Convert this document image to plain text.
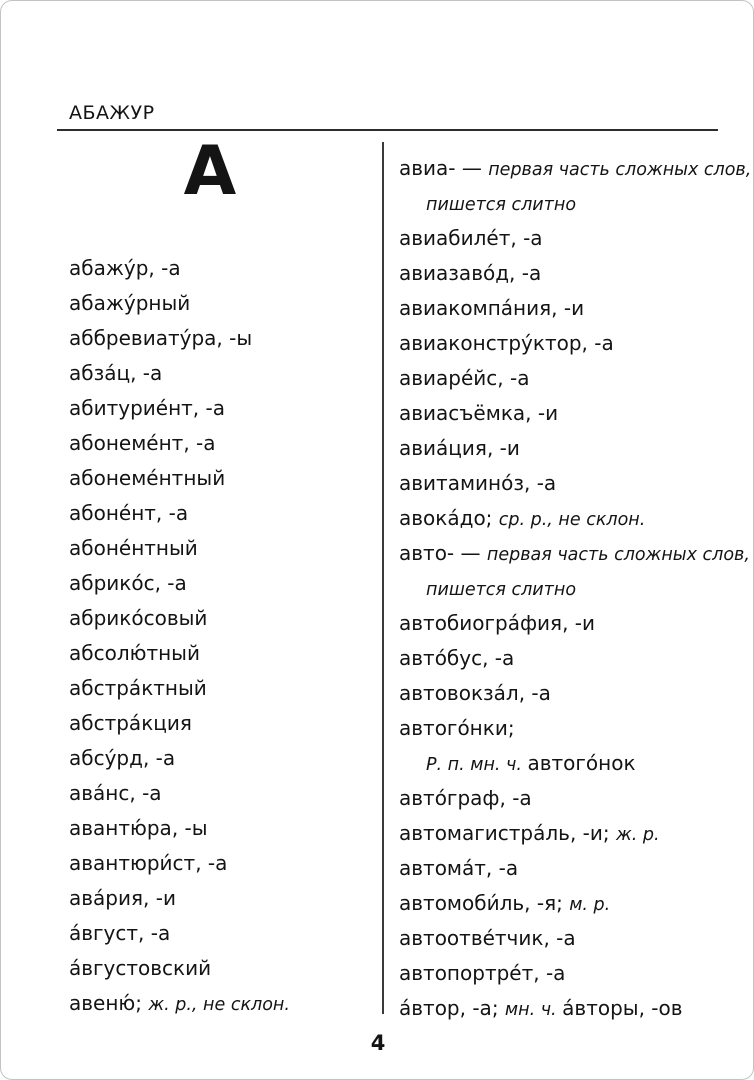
АБАЖУР
А
абажу́р, -а
абажу́рный
аббревиату́ра, -ы
абза́ц, -а
абитурие́нт, -а
абонеме́нт, -а
абонеме́нтный
абоне́нт, -а
абоне́нтный
абрико́с, -а
абрико́совый
абсолю́тный
абстра́ктный
абстра́кция
абсу́рд, -а
ава́нс, -а
авантю́ра, -ы
авантюри́ст, -а
ава́рия, -и
а́вгуст, -а
а́вгустовский
авеню́; ж. р., не склон.
авиа- — первая часть сложных слов,
пишется слитно
авиабиле́т, -а
авиазаво́д, -а
авиакомпа́ния, -и
авиаконстру́ктор, -а
авиаре́йс, -а
авиасъёмка, -и
авиа́ция, -и
авитамино́з, -а
авока́до; ср. р., не склон.
авто- — первая часть сложных слов,
пишется слитно
автобиогра́фия, -и
авто́бус, -а
автовокза́л, -а
автого́нки;
Р. п. мн. ч. автого́нок
авто́граф, -а
автомагистра́ль, -и; ж. р.
автома́т, -а
автомоби́ль, -я; м. р.
автоотве́тчик, -а
автопортре́т, -а
а́втор, -а; мн. ч. а́вторы, -ов
4
